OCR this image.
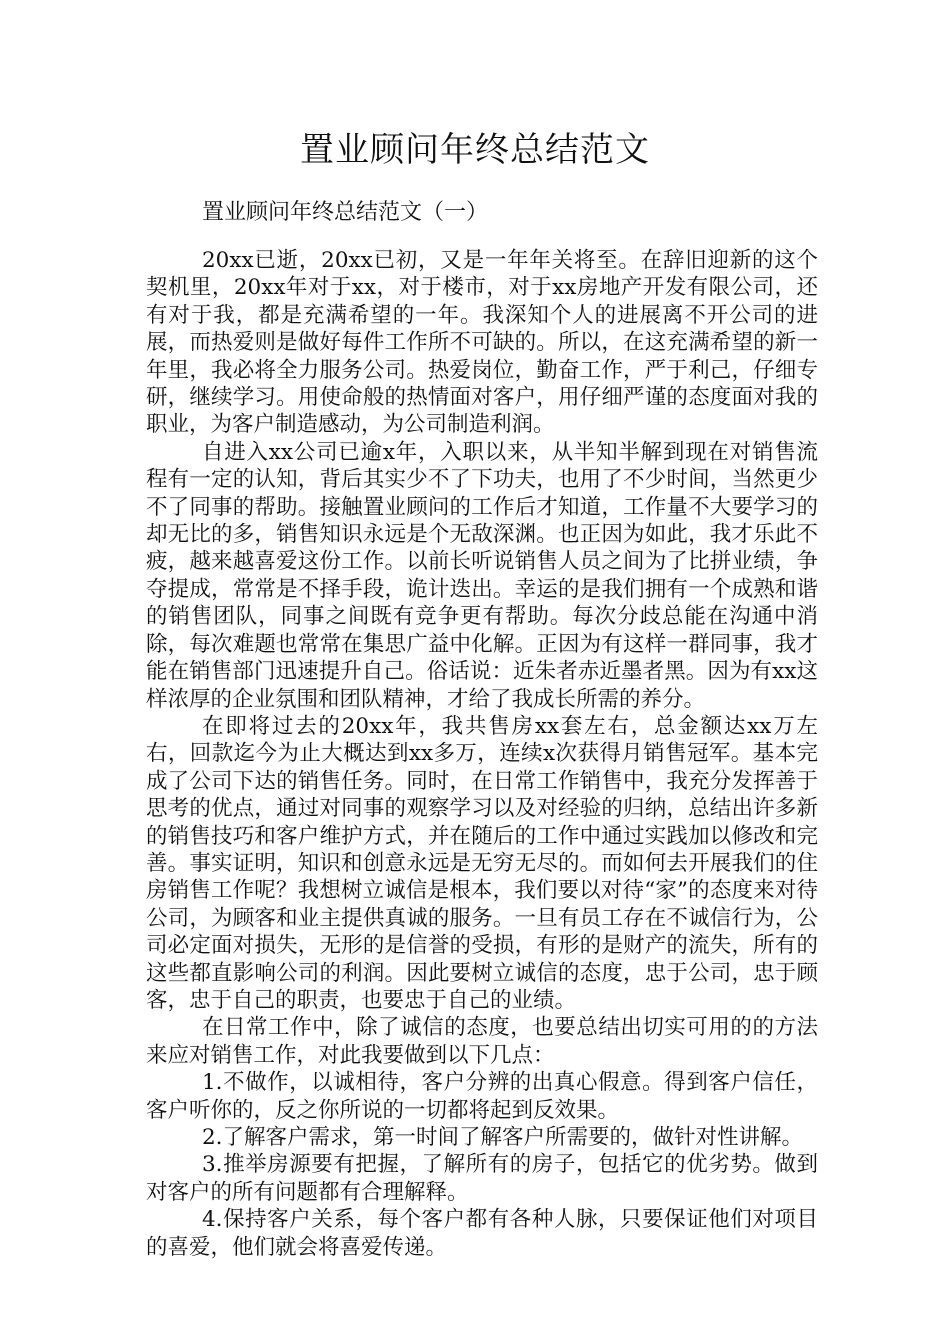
置业顾问年终总结范文
置业顾问年终总结范文（一）

20xx已逝，20xx已初，又是一年年关将至。在辞旧迎新的这个契机里，20xx年对于xx，对于楼市，对于xx房地产开发有限公司，还有对于我，都是充满希望的一年。我深知个人的进展离不开公司的进展，而热爱则是做好每件工作所不可缺的。所以，在这充满希望的新一年里，我必将全力服务公司。热爱岗位，勤奋工作，严于利己，仔细专研，继续学习。用使命般的热情面对客户，用仔细严谨的态度面对我的职业，为客户制造感动，为公司制造利润。

自进入xx公司已逾x年，入职以来，从半知半解到现在对销售流程有一定的认知，背后其实少不了下功夫，也用了不少时间，当然更少不了同事的帮助。接触置业顾问的工作后才知道，工作量不大要学习的却无比的多，销售知识永远是个无敌深渊。也正因为如此，我才乐此不疲，越来越喜爱这份工作。以前长听说销售人员之间为了比拼业绩，争夺提成，常常是不择手段，诡计迭出。幸运的是我们拥有一个成熟和谐的销售团队，同事之间既有竞争更有帮助。每次分歧总能在沟通中消除，每次难题也常常在集思广益中化解。正因为有这样一群同事，我才能在销售部门迅速提升自己。俗话说：近朱者赤近墨者黑。因为有xx这样浓厚的企业氛围和团队精神，才给了我成长所需的养分。

在即将过去的20xx年，我共售房xx套左右，总金额达xx万左右，回款迄今为止大概达到xx多万，连续x次获得月销售冠军。基本完成了公司下达的销售任务。同时，在日常工作销售中，我充分发挥善于思考的优点，通过对同事的观察学习以及对经验的归纳，总结出许多新的销售技巧和客户维护方式，并在随后的工作中通过实践加以修改和完善。事实证明，知识和创意永远是无穷无尽的。而如何去开展我们的住房销售工作呢？我想树立诚信是根本，我们要以对待“家”的态度来对待公司，为顾客和业主提供真诚的服务。一旦有员工存在不诚信行为，公司必定面对损失，无形的是信誉的受损，有形的是财产的流失，所有的这些都直影响公司的利润。因此要树立诚信的态度，忠于公司，忠于顾客，忠于自己的职责，也要忠于自己的业绩。

在日常工作中，除了诚信的态度，也要总结出切实可用的的方法来应对销售工作，对此我要做到以下几点：

1.不做作，以诚相待，客户分辨的出真心假意。得到客户信任，客户听你的，反之你所说的一切都将起到反效果。

2.了解客户需求，第一时间了解客户所需要的，做针对性讲解。

3.推举房源要有把握，了解所有的房子，包括它的优劣势。做到对客户的所有问题都有合理解释。

4.保持客户关系，每个客户都有各种人脉，只要保证他们对项目的喜爱，他们就会将喜爱传递。
